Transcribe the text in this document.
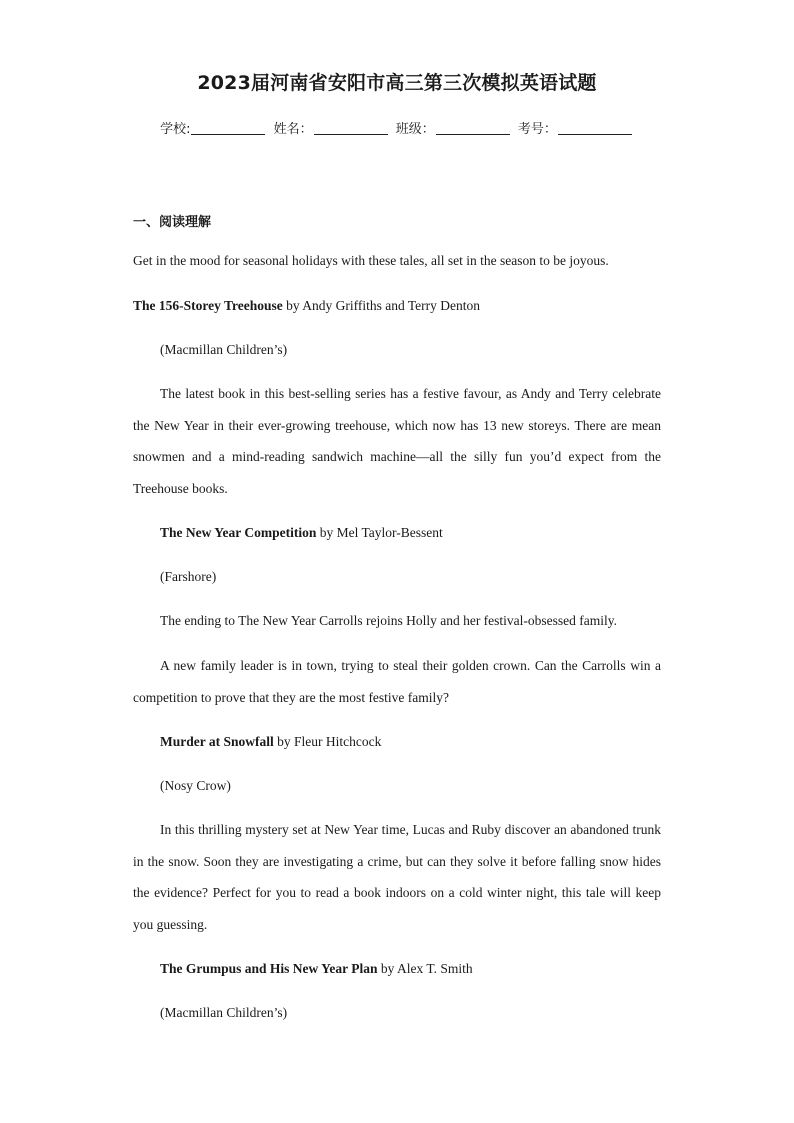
2023届河南省安阳市高三第三次模拟英语试题
学校:	姓名：	班级：	考号：
一、阅读理解

Get in the mood for seasonal holidays with these tales, all set in the season to be joyous.

The 156-Storey Treehouse by Andy Griffiths and Terry Denton

(Macmillan Children’s)

The latest book in this best-selling series has a festive favour, as Andy and Terry celebrate the New Year in their ever-growing treehouse, which now has 13 new storeys. There are mean snowmen and a mind-reading sandwich machine—all the silly fun you’d expect from the Treehouse books.

The New Year Competition by Mel Taylor-Bessent

(Farshore)

The ending to The New Year Carrolls rejoins Holly and her festival-obsessed family.

A new family leader is in town, trying to steal their golden crown. Can the Carrolls win a competition to prove that they are the most festive family?

Murder at Snowfall by Fleur Hitchcock

(Nosy Crow)

In this thrilling mystery set at New Year time, Lucas and Ruby discover an abandoned trunk in the snow. Soon they are investigating a crime, but can they solve it before falling snow hides the evidence? Perfect for you to read a book indoors on a cold winter night, this tale will keep you guessing.

The Grumpus and His New Year Plan by Alex T. Smith

(Macmillan Children’s)
